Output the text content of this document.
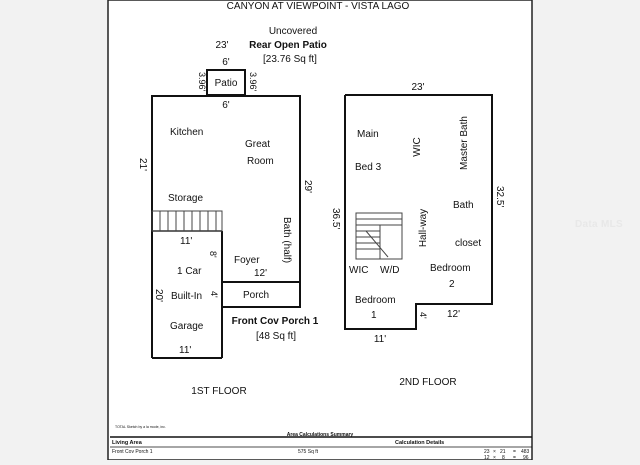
CANYON AT VIEWPOINT - VISTA LAGO
Uncovered
23' Rear Open Patio
[23.76 Sq ft]
6'
Patio
3.96'	3.96'
6'
21'
29'
Kitchen
Great
Room
Storage
Bath (half)
Foyer
12'
8'
11'
1 Car
Built-In 4'
20'
Garage
11'
Porch
Front Cov Porch 1
[48 Sq ft]
1ST FLOOR
23'
36.5'
32.5'
Main
Bed 3
WIC	Master Bath
Bath
closet
Hall-way
WIC W/D	Bedroom
2
Bedroom
1	4' 12'
11'
2ND FLOOR
TOTAL Sketch by a la mode, inc.
Area Calculations Summary
Living Area	Calculation Details
Front Cov Porch 1	575 Sq ft	23 × 21 = 483
12 × 8 = 96
Data MLS
